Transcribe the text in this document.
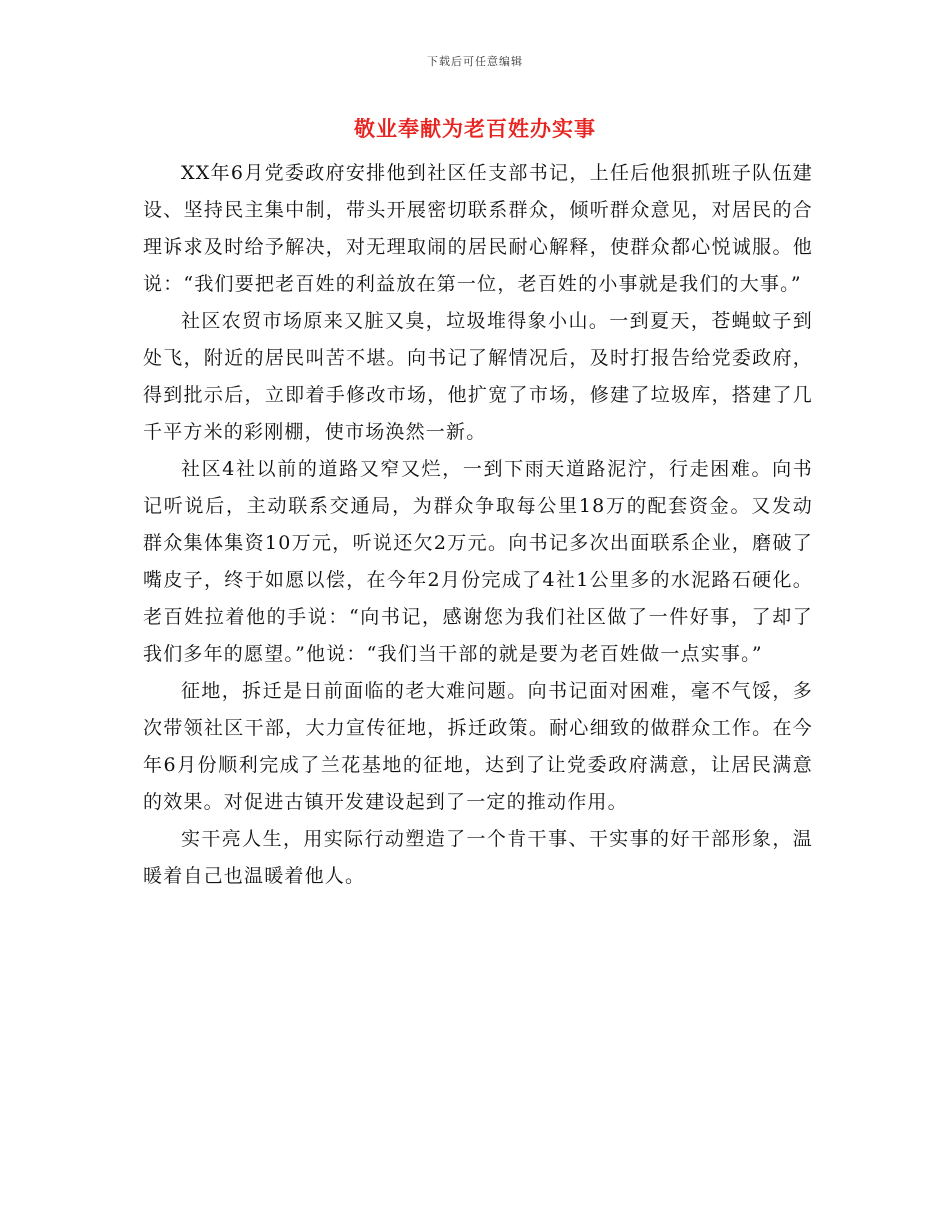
下载后可任意编辑
敬业奉献为老百姓办实事

XX年6月党委政府安排他到社区任支部书记，上任后他狠抓班子队伍建设、坚持民主集中制，带头开展密切联系群众，倾听群众意见，对居民的合理诉求及时给予解决，对无理取闹的居民耐心解释，使群众都心悦诚服。他说：“我们要把老百姓的利益放在第一位，老百姓的小事就是我们的大事。”

社区农贸市场原来又脏又臭，垃圾堆得象小山。一到夏天，苍蝇蚊子到处飞，附近的居民叫苦不堪。向书记了解情况后，及时打报告给党委政府，得到批示后，立即着手修改市场，他扩宽了市场，修建了垃圾库，搭建了几千平方米的彩刚棚，使市场涣然一新。

社区4社以前的道路又窄又烂，一到下雨天道路泥泞，行走困难。向书记听说后，主动联系交通局，为群众争取每公里18万的配套资金。又发动群众集体集资10万元，听说还欠2万元。向书记多次出面联系企业，磨破了嘴皮子，终于如愿以偿，在今年2月份完成了4社1公里多的水泥路石硬化。老百姓拉着他的手说：“向书记，感谢您为我们社区做了一件好事，了却了我们多年的愿望。”他说：“我们当干部的就是要为老百姓做一点实事。”

征地，拆迁是日前面临的老大难问题。向书记面对困难，毫不气馁，多次带领社区干部，大力宣传征地，拆迁政策。耐心细致的做群众工作。在今年6月份顺利完成了兰花基地的征地，达到了让党委政府满意，让居民满意的效果。对促进古镇开发建设起到了一定的推动作用。

实干亮人生，用实际行动塑造了一个肯干事、干实事的好干部形象，温暖着自己也温暖着他人。
